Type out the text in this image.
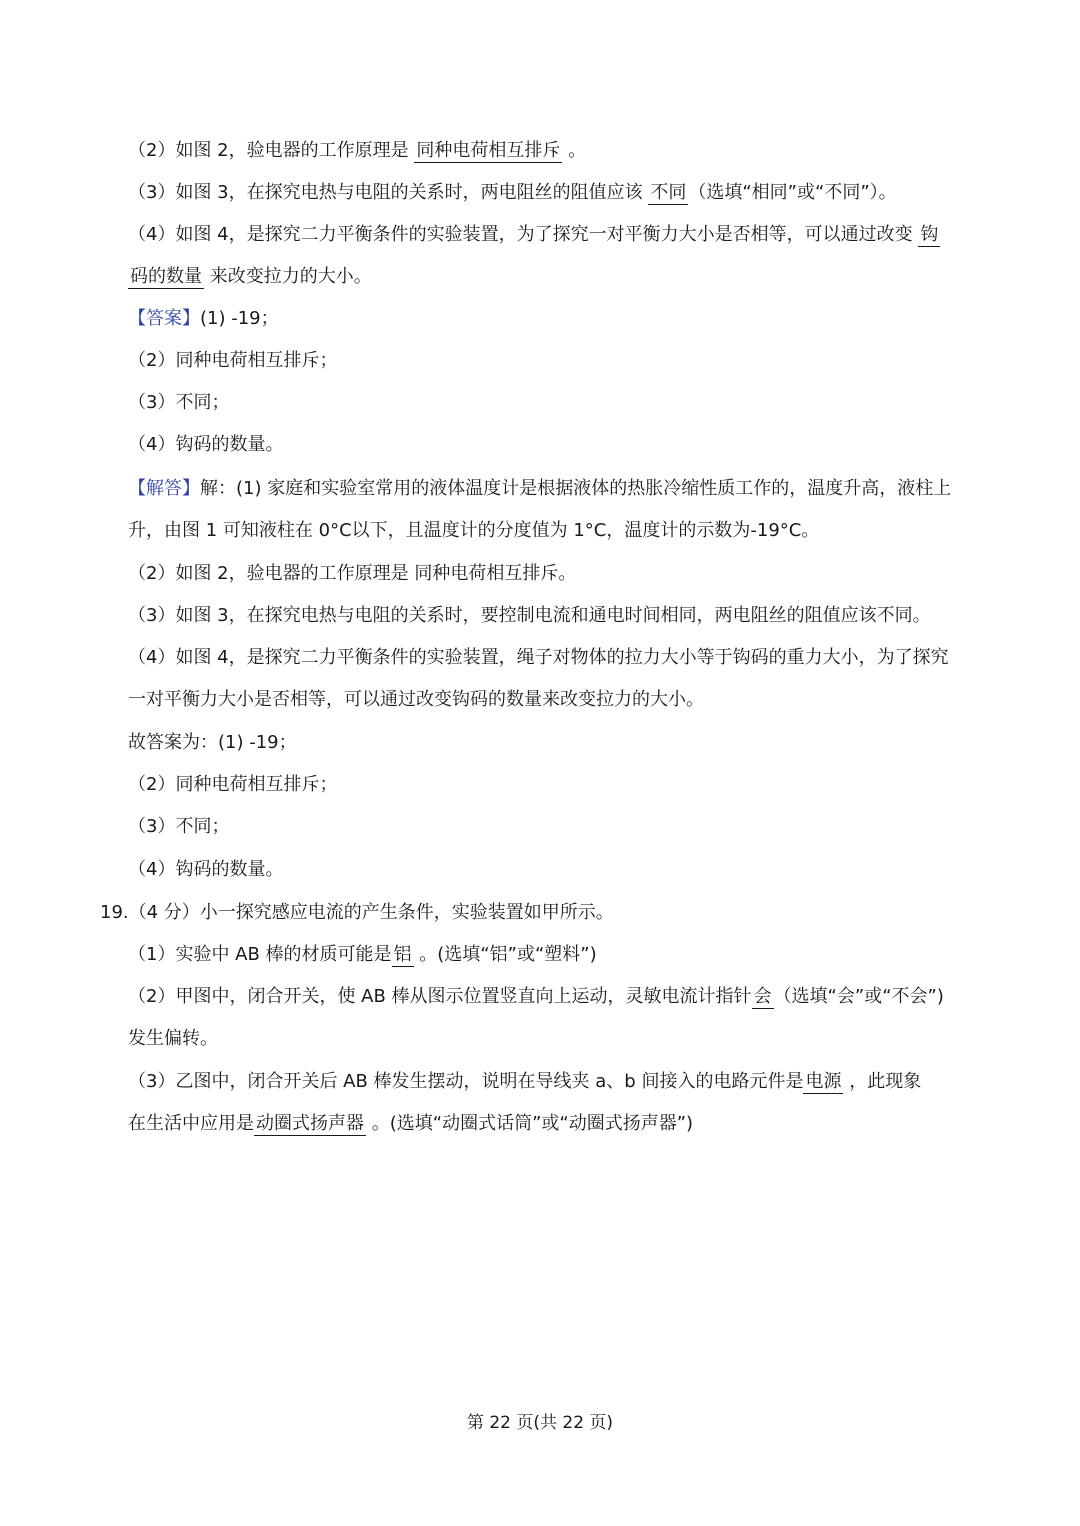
（2）如图 2，验电器的工作原理是 同种电荷相互排斥 。
（3）如图 3，在探究电热与电阻的关系时，两电阻丝的阻值应该 不同（选填“相同”或“不同”）。
（4）如图 4，是探究二力平衡条件的实验装置，为了探究一对平衡力大小是否相等，可以通过改变 钩
码的数量 来改变拉力的大小。
【答案】(1) -19；
（2）同种电荷相互排斥；
（3）不同；
（4）钩码的数量。
【解答】解：(1) 家庭和实验室常用的液体温度计是根据液体的热胀冷缩性质工作的，温度升高，液柱上
升，由图 1 可知液柱在 0°C以下，且温度计的分度值为 1°C，温度计的示数为-19°C。
（2）如图 2，验电器的工作原理是 同种电荷相互排斥。
（3）如图 3，在探究电热与电阻的关系时，要控制电流和通电时间相同，两电阻丝的阻值应该不同。
（4）如图 4，是探究二力平衡条件的实验装置，绳子对物体的拉力大小等于钩码的重力大小，为了探究
一对平衡力大小是否相等，可以通过改变钩码的数量来改变拉力的大小。
故答案为：(1) -19；
（2）同种电荷相互排斥；
（3）不同；
（4）钩码的数量。
19.（4 分）小一探究感应电流的产生条件，实验装置如甲所示。
（1）实验中 AB 棒的材质可能是铝 。(选填“铝”或“塑料”)
（2）甲图中，闭合开关，使 AB 棒从图示位置竖直向上运动，灵敏电流计指针会（选填“会”或“不会”)
发生偏转。
（3）乙图中，闭合开关后 AB 棒发生摆动，说明在导线夹 a、b 间接入的电路元件是电源 ，此现象
在生活中应用是动圈式扬声器 。(选填“动圈式话筒”或“动圈式扬声器”)
第 22 页(共 22 页)
